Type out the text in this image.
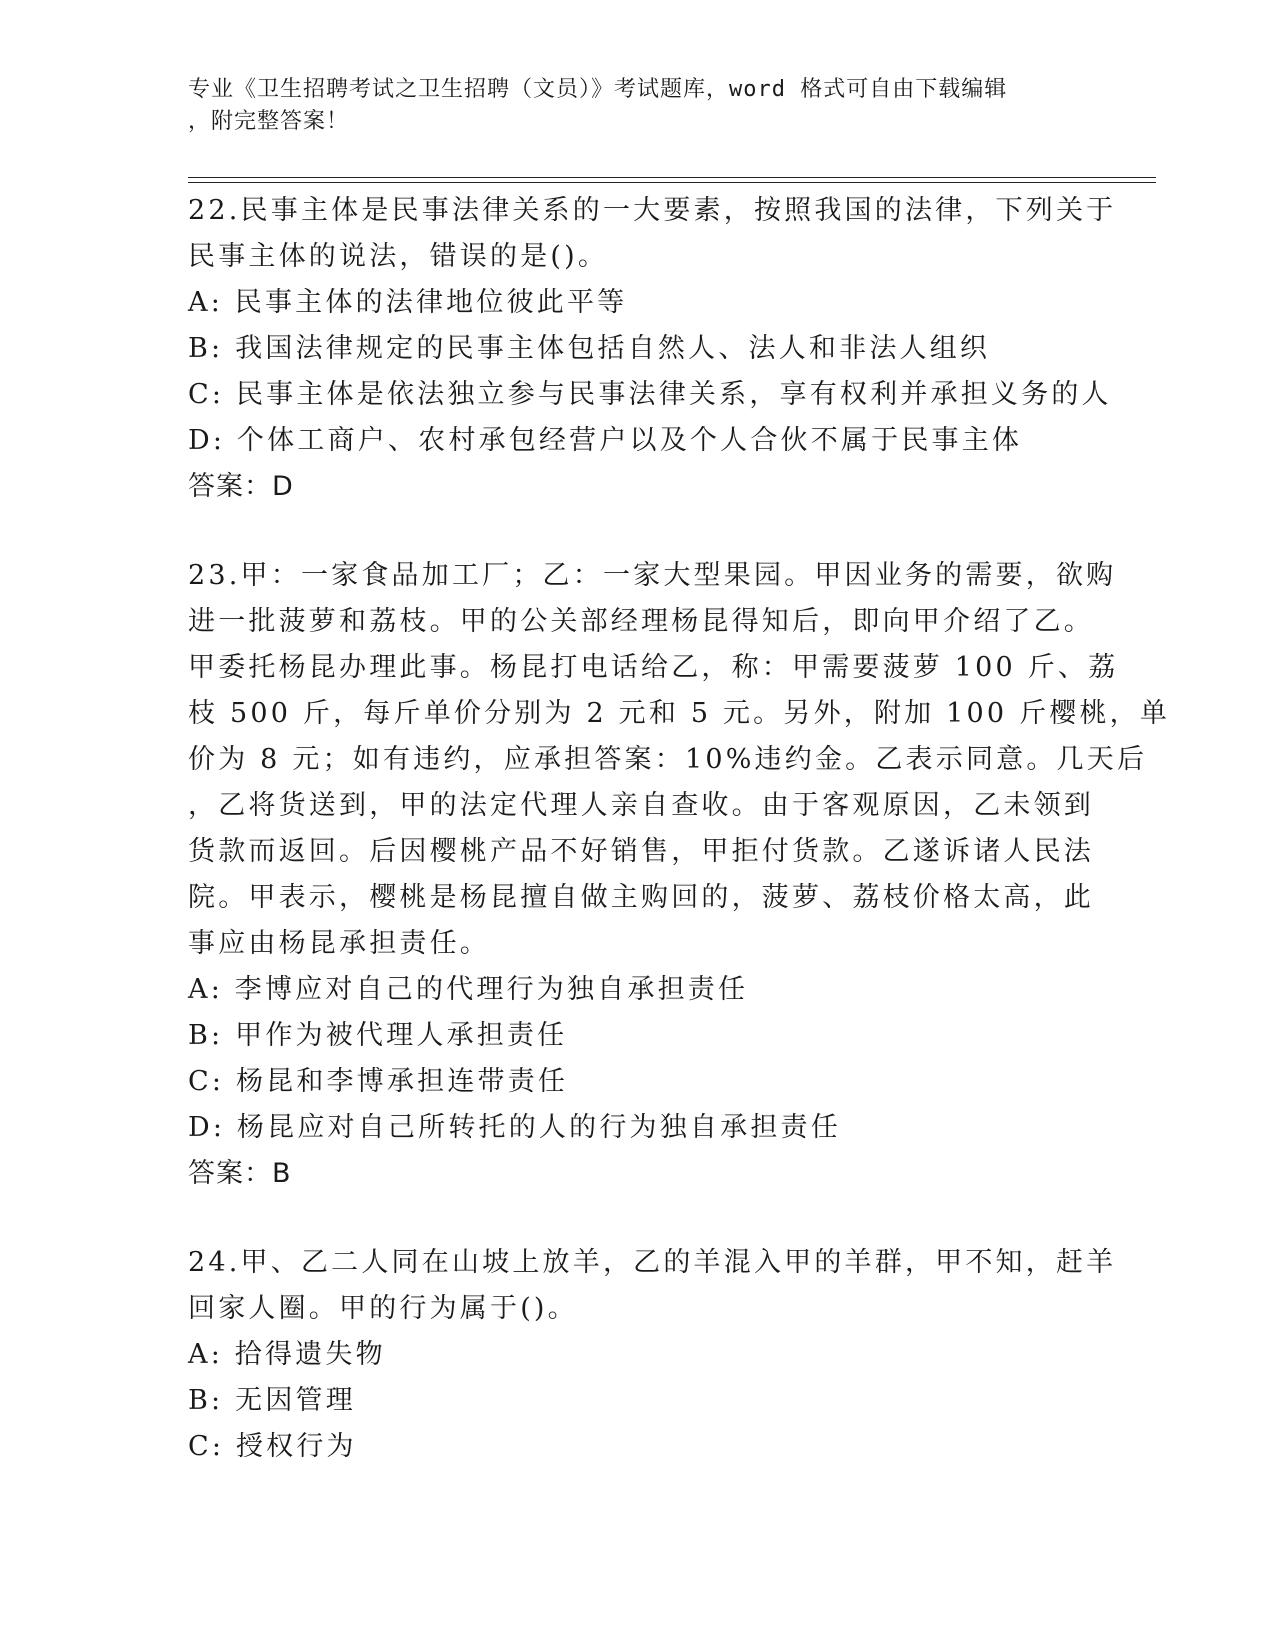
专业《卫生招聘考试之卫生招聘（文员）》考试题库，word 格式可自由下载编辑
，附完整答案！
22.民事主体是民事法律关系的一大要素，按照我国的法律，下列关于
民事主体的说法，错误的是()。
A: 民事主体的法律地位彼此平等
B: 我国法律规定的民事主体包括自然人、法人和非法人组织
C: 民事主体是依法独立参与民事法律关系，享有权利并承担义务的人
D: 个体工商户、农村承包经营户以及个人合伙不属于民事主体
答案：D
23.甲：一家食品加工厂；乙：一家大型果园。甲因业务的需要，欲购
进一批菠萝和荔枝。甲的公关部经理杨昆得知后，即向甲介绍了乙。
甲委托杨昆办理此事。杨昆打电话给乙，称：甲需要菠萝 100 斤、荔
枝 500 斤，每斤单价分别为 2 元和 5 元。另外，附加 100 斤樱桃，单
价为 8 元；如有违约，应承担答案：10%违约金。乙表示同意。几天后
，乙将货送到，甲的法定代理人亲自查收。由于客观原因，乙未领到
货款而返回。后因樱桃产品不好销售，甲拒付货款。乙遂诉诸人民法
院。甲表示，樱桃是杨昆擅自做主购回的，菠萝、荔枝价格太高，此
事应由杨昆承担责任。
A: 李博应对自己的代理行为独自承担责任
B: 甲作为被代理人承担责任
C: 杨昆和李博承担连带责任
D: 杨昆应对自己所转托的人的行为独自承担责任
答案：B
24.甲、乙二人同在山坡上放羊，乙的羊混入甲的羊群，甲不知，赶羊
回家人圈。甲的行为属于()。
A: 拾得遗失物
B: 无因管理
C: 授权行为
